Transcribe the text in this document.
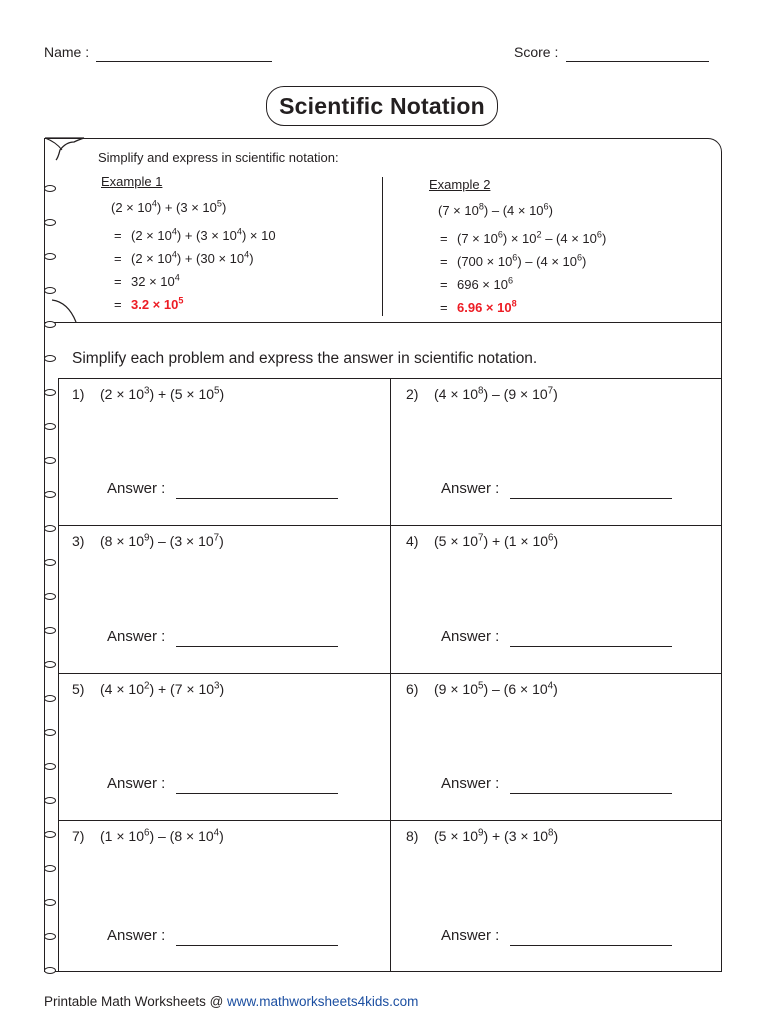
Name :	Score :
Scientific Notation
Simplify and express in scientific notation:
Example 1
$(2 \times 10^4) + (3 \times 10^5)$
= $(2 \times 10^4) + (3 \times 10^4) \times 10$
= $(2 \times 10^4) + (30 \times 10^4)$
= $32 \times 10^4$
= $3.2 \times 10^5$
Example 2
$(7 \times 10^8) - (4 \times 10^6)$
= $(7 \times 10^6) \times 10^2 - (4 \times 10^6)$
= $(700 \times 10^6) - (4 \times 10^6)$
= $696 \times 10^6$
= $6.96 \times 10^8$
Simplify each problem and express the answer in scientific notation.
1) $(2 \times 10^3) + (5 \times 10^5)$
Answer :
2) $(4 \times 10^8) - (9 \times 10^7)$
Answer :
3) $(8 \times 10^9) - (3 \times 10^7)$
Answer :
4) $(5 \times 10^7) + (1 \times 10^6)$
Answer :
5) $(4 \times 10^2) + (7 \times 10^3)$
Answer :
6) $(9 \times 10^5) - (6 \times 10^4)$
Answer :
7) $(1 \times 10^6) - (8 \times 10^4)$
Answer :
8) $(5 \times 10^9) + (3 \times 10^8)$
Answer :
Printable Math Worksheets @ www.mathworksheets4kids.com
